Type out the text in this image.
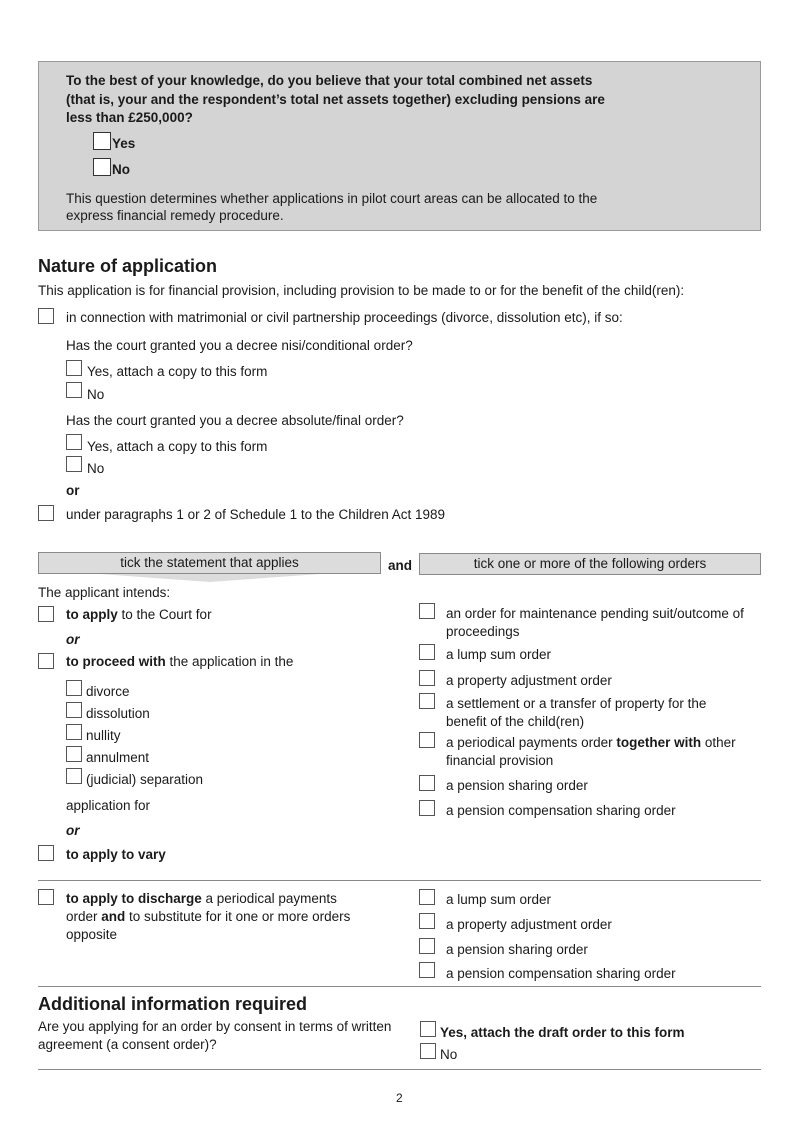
To the best of your knowledge, do you believe that your total combined net assets
(that is, your and the respondent’s total net assets together) excluding pensions are
less than £250,000?
Yes
No
This question determines whether applications in pilot court areas can be allocated to the
express financial remedy procedure.
Nature of application
This application is for financial provision, including provision to be made to or for the benefit of the child(ren):
in connection with matrimonial or civil partnership proceedings (divorce, dissolution etc), if so:
Has the court granted you a decree nisi/conditional order?
Yes, attach a copy to this form
No
Has the court granted you a decree absolute/final order?
Yes, attach a copy to this form
No
or
under paragraphs 1 or 2 of Schedule 1 to the Children Act 1989
tick the statement that applies	and	tick one or more of the following orders
The applicant intends:
to apply to the Court for
or
to proceed with the application in the
divorce
dissolution
nullity
annulment
(judicial) separation
application for
or
to apply to vary
an order for maintenance pending suit/outcome of
proceedings
a lump sum order
a property adjustment order
a settlement or a transfer of property for the
benefit of the child(ren)
a periodical payments order together with other
financial provision
a pension sharing order
a pension compensation sharing order
to apply to discharge a periodical payments
order and to substitute for it one or more orders
opposite
a lump sum order
a property adjustment order
a pension sharing order
a pension compensation sharing order
Additional information required
Are you applying for an order by consent in terms of written
agreement (a consent order)?
Yes, attach the draft order to this form
No
2
